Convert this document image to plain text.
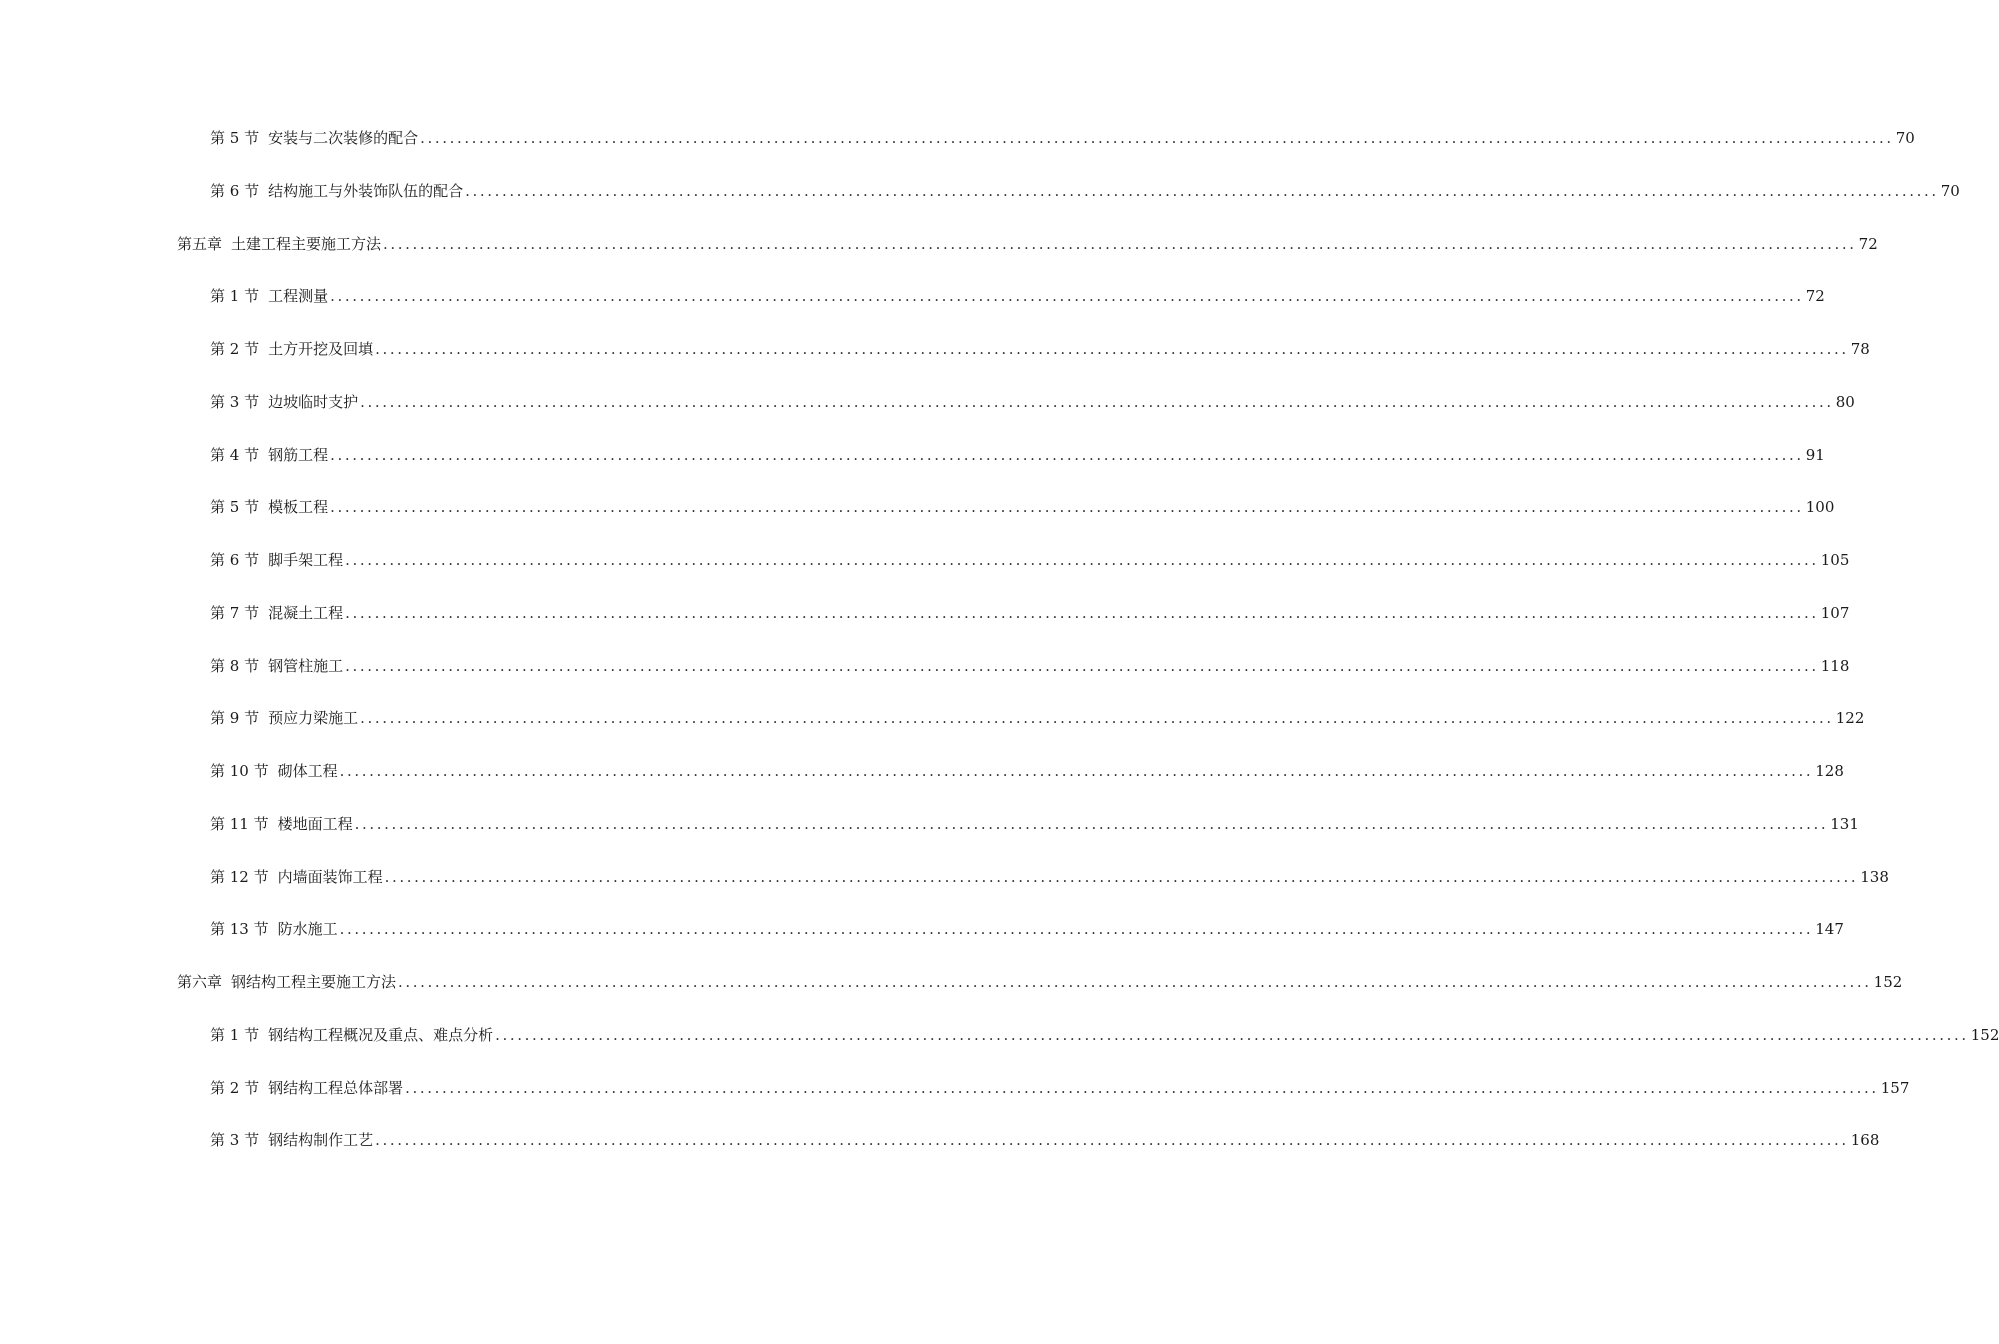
第 5 节 安装与二次装修的配合 ........................................................................................................................................................................................................ 70
第 6 节 结构施工与外装饰队伍的配合 ........................................................................................................................................................................................................ 70
第五章 土建工程主要施工方法 ........................................................................................................................................................................................................ 72
第 1 节 工程测量 ........................................................................................................................................................................................................ 72
第 2 节 土方开挖及回填 ........................................................................................................................................................................................................ 78
第 3 节 边坡临时支护 ........................................................................................................................................................................................................ 80
第 4 节 钢筋工程 ........................................................................................................................................................................................................ 91
第 5 节 模板工程 ........................................................................................................................................................................................................ 100
第 6 节 脚手架工程 ........................................................................................................................................................................................................ 105
第 7 节 混凝土工程 ........................................................................................................................................................................................................ 107
第 8 节 钢管柱施工 ........................................................................................................................................................................................................ 118
第 9 节 预应力梁施工 ........................................................................................................................................................................................................ 122
第 10 节 砌体工程 ........................................................................................................................................................................................................ 128
第 11 节 楼地面工程 ........................................................................................................................................................................................................ 131
第 12 节 内墙面装饰工程 ........................................................................................................................................................................................................ 138
第 13 节 防水施工 ........................................................................................................................................................................................................ 147
第六章 钢结构工程主要施工方法 ........................................................................................................................................................................................................ 152
第 1 节 钢结构工程概况及重点、难点分析 ........................................................................................................................................................................................................ 152
第 2 节 钢结构工程总体部署 ........................................................................................................................................................................................................ 157
第 3 节 钢结构制作工艺 ........................................................................................................................................................................................................ 168
